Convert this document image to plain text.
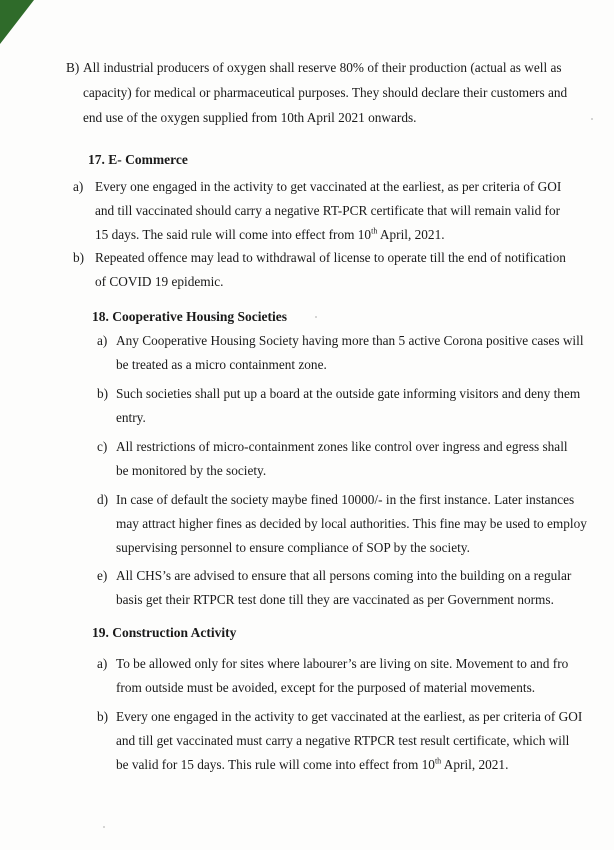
B) All industrial producers of oxygen shall reserve 80% of their production (actual as well as
capacity) for medical or pharmaceutical purposes. They should declare their customers and
end use of the oxygen supplied from 10th April 2021 onwards.
17. E- Commerce
a) Every one engaged in the activity to get vaccinated at the earliest, as per criteria of GOI
and till vaccinated should carry a negative RT-PCR certificate that will remain valid for
15 days. The said rule will come into effect from 10th April, 2021.
b) Repeated offence may lead to withdrawal of license to operate till the end of notification
of COVID 19 epidemic.
18. Cooperative Housing Societies
a) Any Cooperative Housing Society having more than 5 active Corona positive cases will
be treated as a micro containment zone.
b) Such societies shall put up a board at the outside gate informing visitors and deny them
entry.
c) All restrictions of micro-containment zones like control over ingress and egress shall
be monitored by the society.
d) In case of default the society maybe fined 10000/- in the first instance. Later instances
may attract higher fines as decided by local authorities. This fine may be used to employ
supervising personnel to ensure compliance of SOP by the society.
e) All CHS’s are advised to ensure that all persons coming into the building on a regular
basis get their RTPCR test done till they are vaccinated as per Government norms.
19. Construction Activity
a) To be allowed only for sites where labourer’s are living on site. Movement to and fro
from outside must be avoided, except for the purposed of material movements.
b) Every one engaged in the activity to get vaccinated at the earliest, as per criteria of GOI
and till get vaccinated must carry a negative RTPCR test result certificate, which will
be valid for 15 days. This rule will come into effect from 10th April, 2021.
